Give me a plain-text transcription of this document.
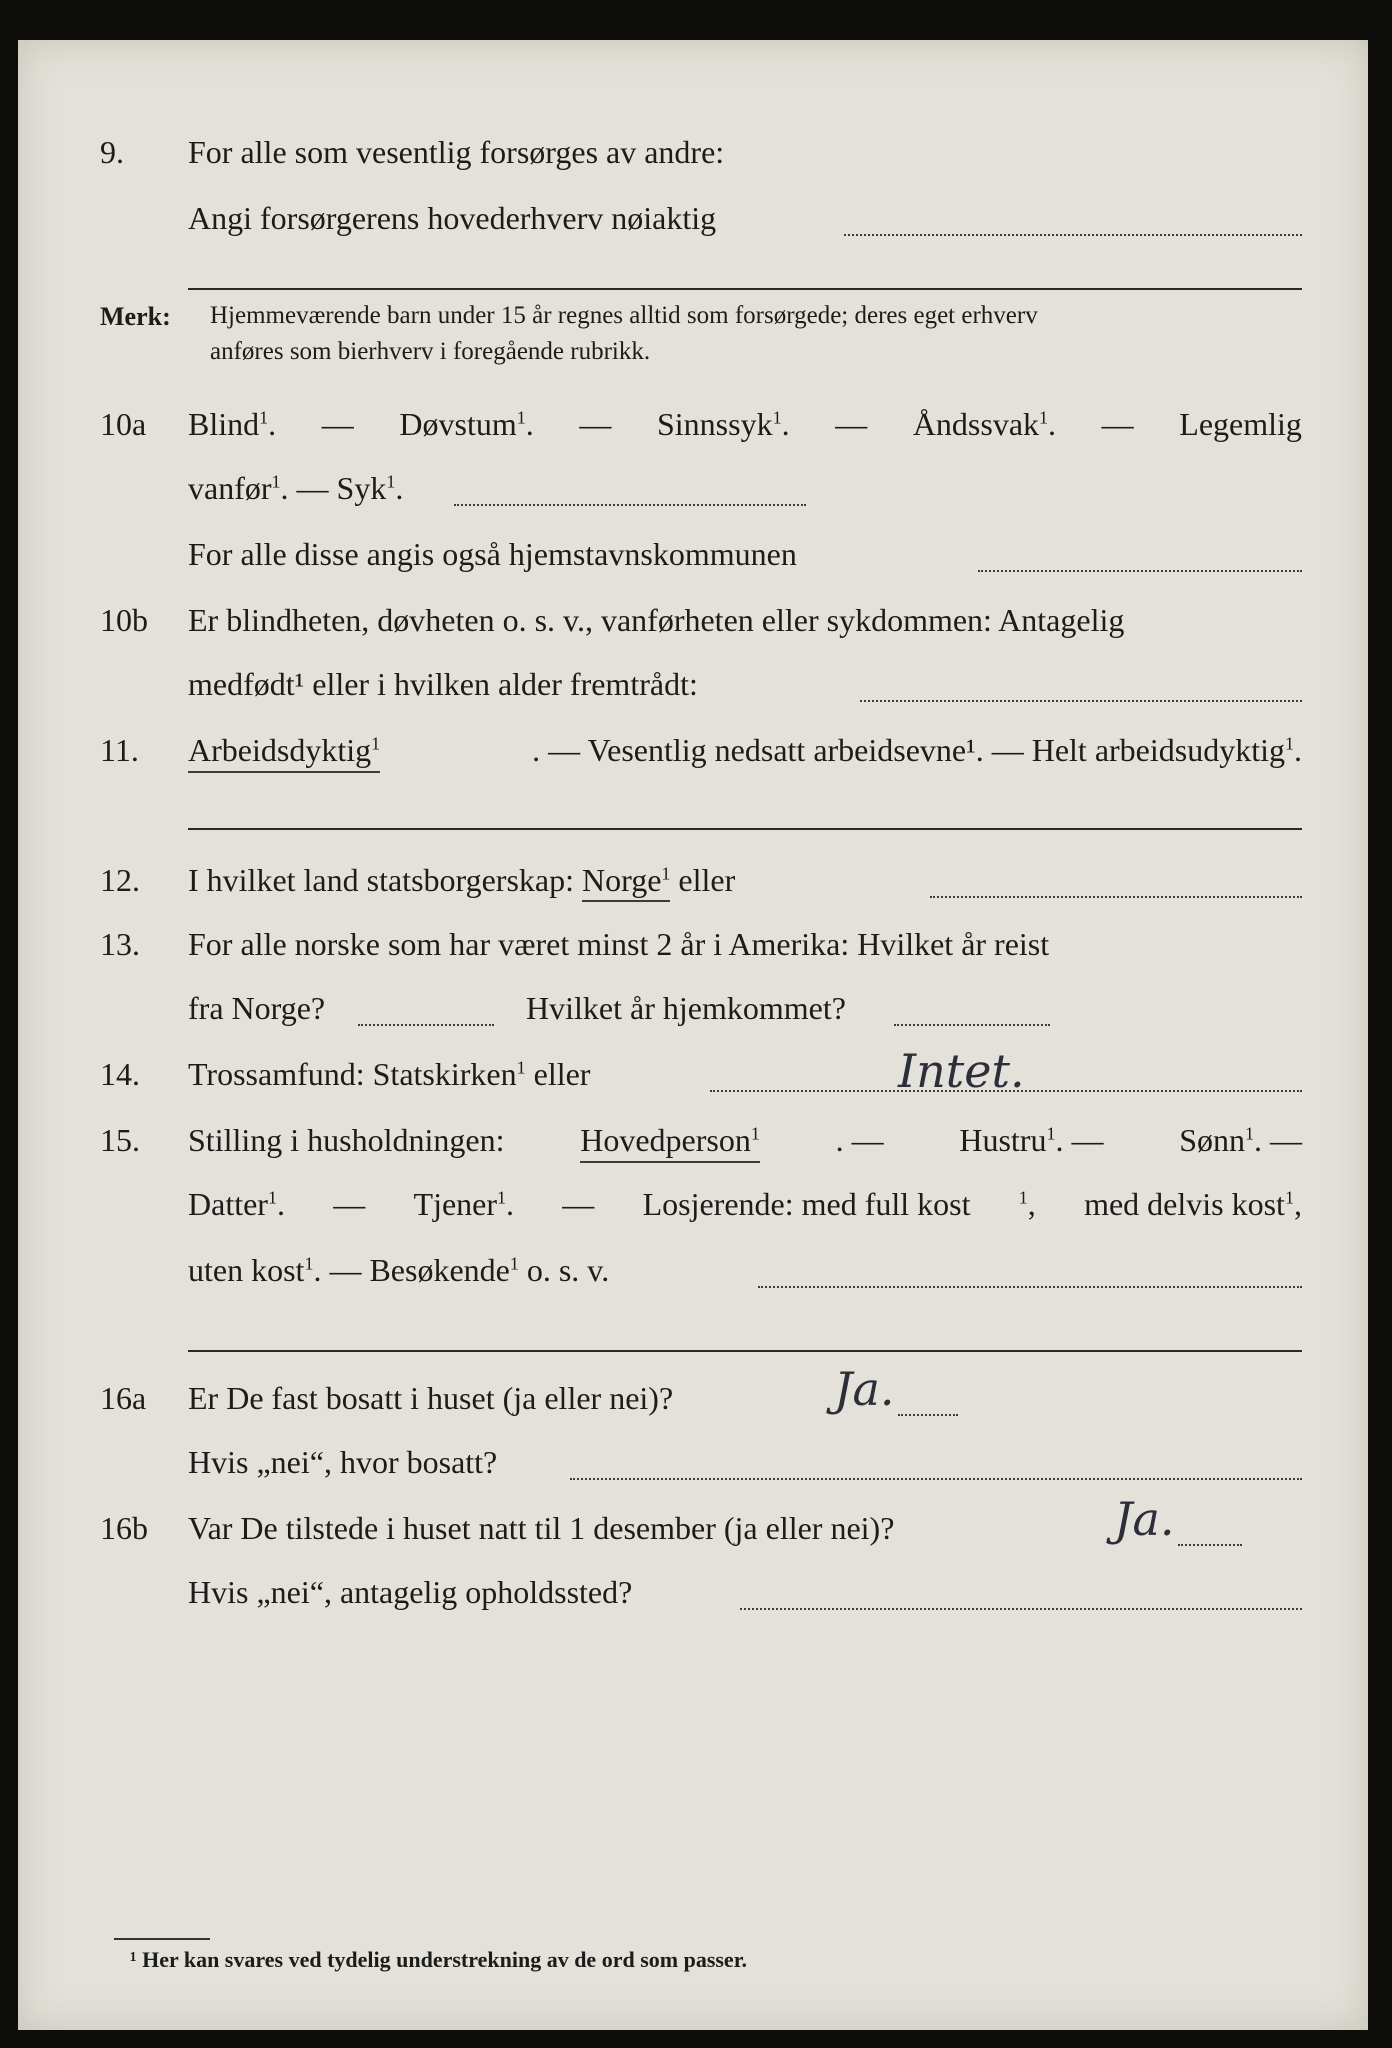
9. For alle som vesentlig forsørges av andre:
Angi forsørgerens hovederhverv nøiaktig
Merk: Hjemmeværende barn under 15 år regnes alltid som forsørgede; deres eget erhverv
anføres som bierhverv i foregående rubrikk.
10a Blind$^1$. — Døvstum$^1$. — Sinnssyk$^1$. — Åndssvak$^1$. — Legemlig
vanfør$^1$. — Syk$^1$.
For alle disse angis også hjemstavnskommunen
10b Er blindheten, døvheten o. s. v., vanførheten eller sykdommen: Antagelig
medfødt¹ eller i hvilken alder fremtrådt:
11. Arbeidsdyktig$^1$	. — Vesentlig nedsatt arbeidsevne¹. — Helt arbeidsudyktig$^1$.
12. I hvilket land statsborgerskap: Norge$^1$ eller
13. For alle norske som har været minst 2 år i Amerika: Hvilket år reist
fra Norge?	Hvilket år hjemkommet?
14. Trossamfund: Statskirken$^1$ eller	Intet.
15. Stilling i husholdningen: Hovedperson$^1$ . — Hustru$^1$. — Sønn$^1$. —
Datter$^1$. — Tjener$^1$. — Losjerende: med full kost	$^1$, med delvis kost$^1$,
uten kost$^1$. — Besøkende$^1$ o. s. v.
16a Er De fast bosatt i huset (ja eller nei)?	Ja.
Hvis „nei“, hvor bosatt?
16b Var De tilstede i huset natt til 1 desember (ja eller nei)?	Ja.
Hvis „nei“, antagelig opholdssted?
¹ Her kan svares ved tydelig understrekning av de ord som passer.
